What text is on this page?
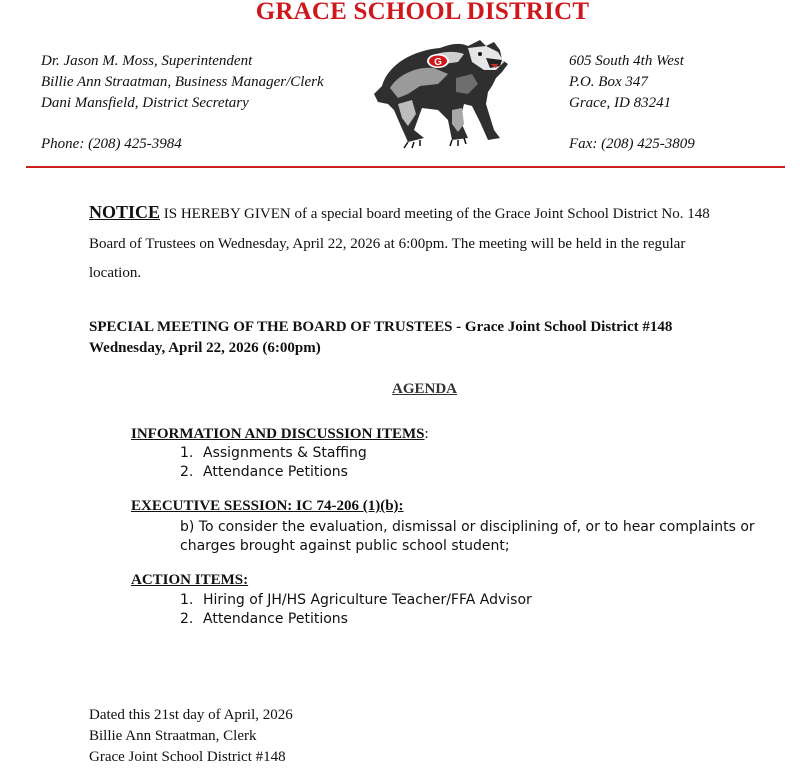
GRACE SCHOOL DISTRICT
Dr. Jason M. Moss, Superintendent
Billie Ann Straatman, Business Manager/Clerk
Dani Mansfield, District Secretary
605 South 4th West
P.O. Box 347
Grace, ID 83241
Phone: (208) 425-3984	Fax: (208) 425-3809
G
NOTICE IS HEREBY GIVEN of a special board meeting of the Grace Joint School District No. 148 Board of Trustees on Wednesday, April 22, 2026 at 6:00pm. The meeting will be held in the regular location.
SPECIAL MEETING OF THE BOARD OF TRUSTEES - Grace Joint School District #148
Wednesday, April 22, 2026 (6:00pm)
AGENDA
INFORMATION AND DISCUSSION ITEMS:
1. Assignments & Staffing
2. Attendance Petitions
EXECUTIVE SESSION: IC 74-206 (1)(b):
b) To consider the evaluation, dismissal or disciplining of, or to hear complaints or charges brought against public school student;
ACTION ITEMS:
1. Hiring of JH/HS Agriculture Teacher/FFA Advisor
2. Attendance Petitions
Dated this 21st day of April, 2026
Billie Ann Straatman, Clerk
Grace Joint School District #148
